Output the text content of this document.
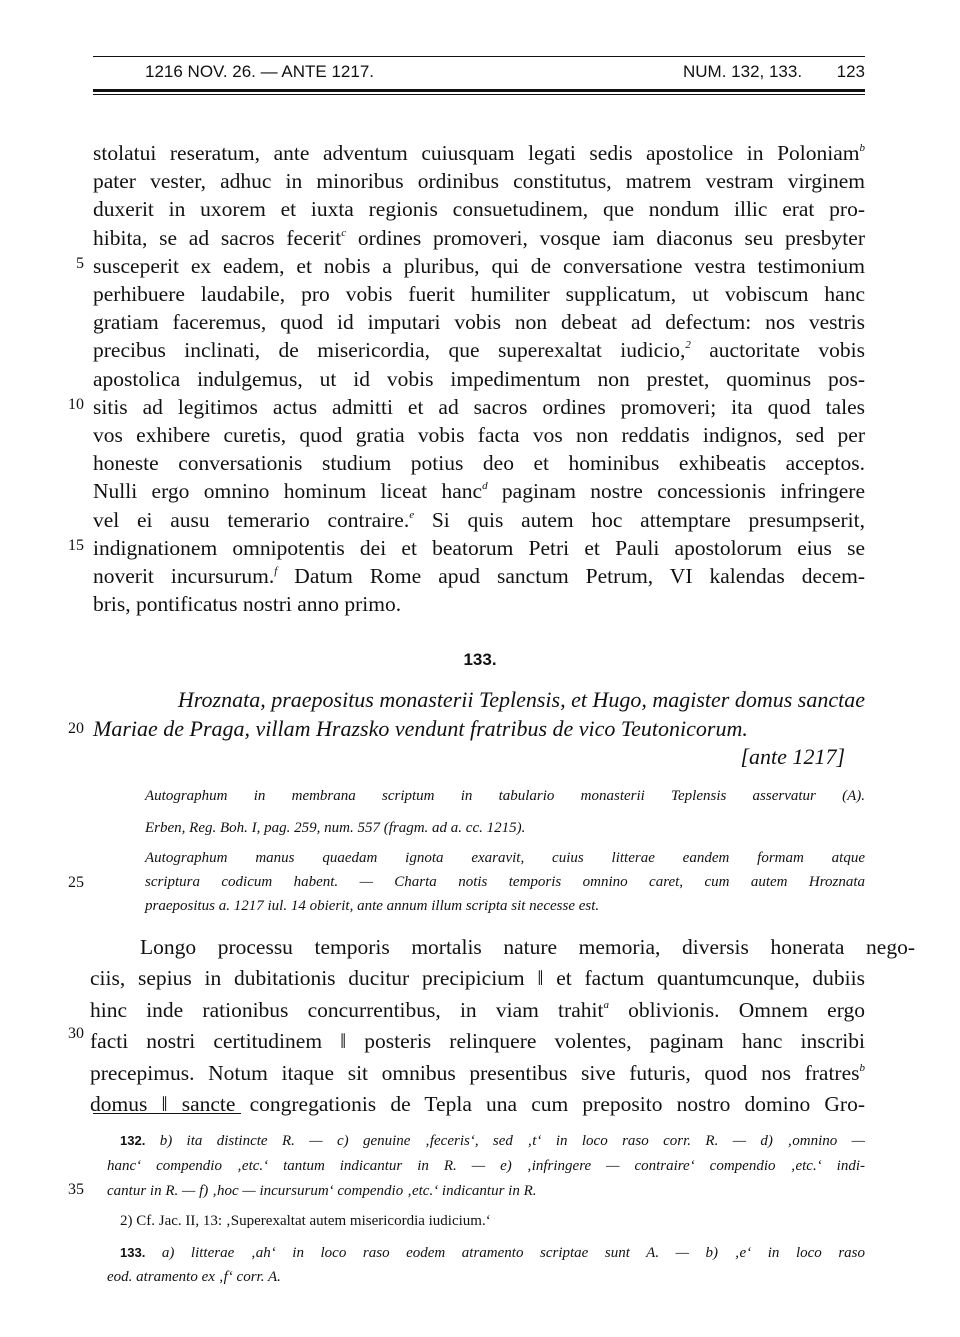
1216 NOV. 26. — ANTE 1217.	NUM. 132, 133. 123
stolatui reseratum, ante adventum cuiusquam legati sedis apostolice in Poloniam$^b$
pater vester, adhuc in minoribus ordinibus constitutus, matrem vestram virginem
duxerit in uxorem et iuxta regionis consuetudinem, que nondum illic erat pro-
hibita, se ad sacros fecerit$^c$ ordines promoveri, vosque iam diaconus seu presbyter
susceperit ex eadem, et nobis a pluribus, qui de conversatione vestra testimonium
perhibuere laudabile, pro vobis fuerit humiliter supplicatum, ut vobiscum hanc
gratiam faceremus, quod id imputari vobis non debeat ad defectum: nos vestris
precibus inclinati, de misericordia, que superexaltat iudicio,$^2$ auctoritate vobis
apostolica indulgemus, ut id vobis impedimentum non prestet, quominus pos-
sitis ad legitimos actus admitti et ad sacros ordines promoveri; ita quod tales
vos exhibere curetis, quod gratia vobis facta vos non reddatis indignos, sed per
honeste conversationis studium potius deo et hominibus exhibeatis acceptos.
Nulli ergo omnino hominum liceat hanc$^d$ paginam nostre concessionis infringere
vel ei ausu temerario contraire.$^e$ Si quis autem hoc attemptare presumpserit,
indignationem omnipotentis dei et beatorum Petri et Pauli apostolorum eius se
noverit incursurum.$^f$ Datum Rome apud sanctum Petrum, VI kalendas decem-
bris, pontificatus nostri anno primo.
133.
Hroznata, praepositus monasterii Teplensis, et Hugo, magister domus sanctae
Mariae de Praga, villam Hrazsko vendunt fratribus de vico Teutonicorum.
[ante 1217]
Autographum in membrana scriptum in tabulario monasterii Teplensis asservatur (A).
Erben, Reg. Boh. I, pag. 259, num. 557 (fragm. ad a. cc. 1215).
Autographum manus quaedam ignota exaravit, cuius litterae eandem formam atque
scriptura codicum habent. — Charta notis temporis omnino caret, cum autem Hroznata
praepositus a. 1217 iul. 14 obierit, ante annum illum scripta sit necesse est.
Longo processu temporis mortalis nature memoria, diversis honerata nego-
ciis, sepius in dubitationis ducitur precipicium ‖ et factum quantumcunque, dubiis
hinc inde rationibus concurrentibus, in viam trahit$^a$ oblivionis. Omnem ergo
facti nostri certitudinem ‖ posteris relinquere volentes, paginam hanc inscribi
precepimus. Notum itaque sit omnibus presentibus sive futuris, quod nos fratres$^b$
domus ‖ sancte congregationis de Tepla una cum preposito nostro domino Gro-
5
10
15
20
25
30
35
132. b) ita distincte R. — c) genuine ‚feceris‘, sed ‚t‘ in loco raso corr. R. — d) ‚omnino —
hanc‘ compendio ‚etc.‘ tantum indicantur in R. — e) ‚infringere — contraire‘ compendio ‚etc.‘ indi-
cantur in R. — f) ‚hoc — incursurum‘ compendio ‚etc.‘ indicantur in R.
2) Cf. Jac. II, 13: ‚Superexaltat autem misericordia iudicium.‘
133. a) litterae ‚ah‘ in loco raso eodem atramento scriptae sunt A. — b) ‚e‘ in loco raso
eod. atramento ex ‚f‘ corr. A.
